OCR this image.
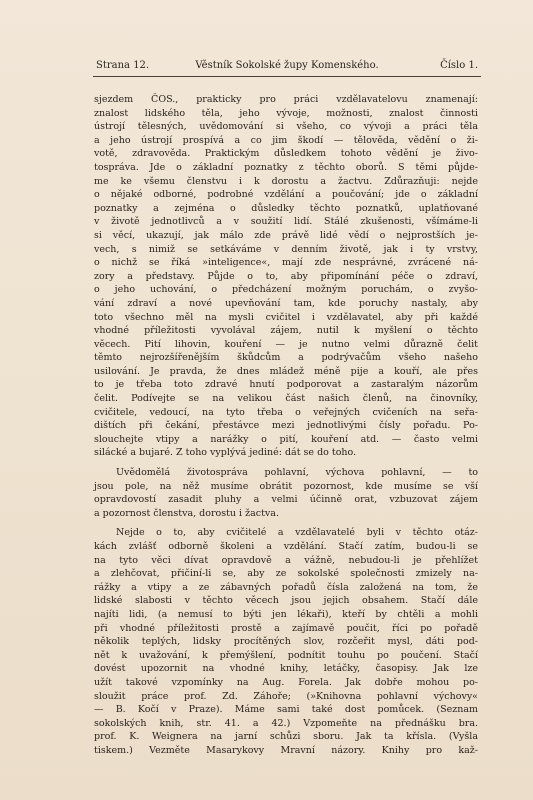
Strana 12.	Věstník Sokolské župy Komenského.	Číslo 1.
sjezdem ČOS., prakticky pro práci vzdělavatelovu znamenají:
znalost lidského těla, jeho vývoje, možnosti, znalost činnosti
ústrojí tělesných, uvědomování si všeho, co vývoji a práci těla
a jeho ústrojí prospívá a co jim škodí — tělověda, vědění o ži-
votě, zdravověda. Praktickým důsledkem tohoto vědění je živo-
tospráva. Jde o základní poznatky z těchto oborů. S těmi půjde-
me ke všemu členstvu i k dorostu a žactvu. Zdůrazňuji: nejde
o nějaké odborné, podrobné vzdělání a poučování; jde o základní
poznatky a zejména o důsledky těchto poznatků, uplatňované
v životě jednotlivců a v soužití lidí. Stálé zkušenosti, všímáme-li
si věcí, ukazují, jak málo zde právě lidé vědí o nejprostších je-
vech, s nimiž se setkáváme v denním životě, jak i ty vrstvy,
o nichž se říká »inteligence«, mají zde nesprávné, zvrácené ná-
zory a představy. Půjde o to, aby připomínání péče o zdraví,
o jeho uchování, o předcházení možným poruchám, o zvyšo-
vání zdraví a nové upevňování tam, kde poruchy nastaly, aby
toto všechno měl na mysli cvičitel i vzdělavatel, aby při každé
vhodné příležitosti vyvolával zájem, nutil k myšlení o těchto
věcech. Pití lihovin, kouření — je nutno velmi důrazně čelit
těmto nejrozšířenějším škůdcům a podrývačům všeho našeho
usilování. Je pravda, že dnes mládež méně pije a kouří, ale přes
to je třeba toto zdravé hnutí podporovat a zastaralým názorům
čelit. Podívejte se na velikou část našich členů, na činovníky,
cvičitele, vedoucí, na tyto třeba o veřejných cvičeních na seřa-
dištích při čekání, přestávce mezi jednotlivými čísly pořadu. Po-
slouchejte vtipy a narážky o pití, kouření atd. — často velmi
silácké a bujaré. Z toho vyplývá jediné: dát se do toho.
Uvědomělá životospráva pohlavní, výchova pohlavní, — to
jsou pole, na něž musíme obrátit pozornost, kde musíme se vší
opravdovostí zasadit pluhy a velmi účinně orat, vzbuzovat zájem
a pozornost členstva, dorostu i žactva.
Nejde o to, aby cvičitelé a vzdělavatelé byli v těchto otáz-
kách zvlášť odborně školeni a vzdělání. Stačí zatím, budou-li se
na tyto věci dívat opravdově a vážně, nebudou-li je přehlížet
a zlehčovat, přičiní-li se, aby ze sokolské společnosti zmizely na-
rážky a vtipy a ze zábavných pořadů čísla založená na tom, že
lidské slabosti v těchto věcech jsou jejich obsahem. Stačí dále
najíti lidi, (a nemusí to býti jen lékaři), kteří by chtěli a mohli
při vhodné příležitosti prostě a zajímavě poučit, říci po pořadě
několik teplých, lidsky procítěných slov, rozčeřit mysl, dáti pod-
nět k uvažování, k přemýšlení, podnítit touhu po poučení. Stačí
dovést upozornit na vhodné knihy, letáčky, časopisy. Jak lze
užít takové vzpomínky na Aug. Forela. Jak dobře mohou po-
sloužit práce prof. Zd. Záhoře; (»Knihovna pohlavní výchovy«
— B. Kočí v Praze). Máme sami také dost pomůcek. (Seznam
sokolských knih, str. 41. a 42.) Vzpomeňte na přednášku bra.
prof. K. Weignera na jarní schůzi sboru. Jak ta křísla. (Vyšla
tiskem.) Vezměte Masarykovy Mravní názory. Knihy pro kaž-
